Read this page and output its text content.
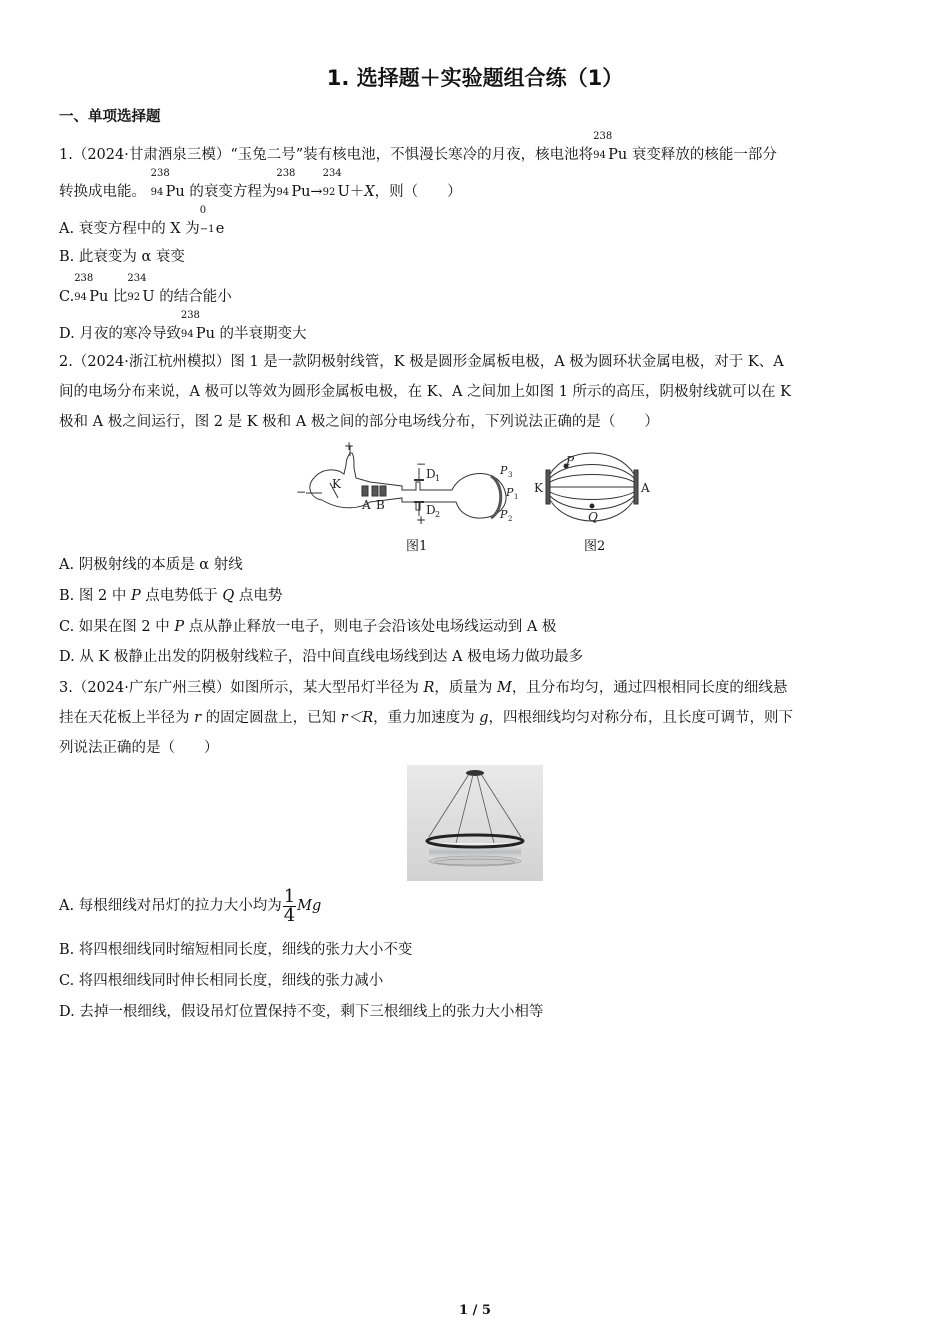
1. 选择题＋实验题组合练（1）
一、单项选择题
1.（2024·甘肃酒泉三模）“玉兔二号”装有核电池，不惧漫长寒冷的月夜，核电池将
238
94 Pu 衰变释放的核能一部分
转换成电能。
238
94 Pu 的衰变方程为
238
94 Pu→
234
92 U＋X，则（　　）
A. 衰变方程中的 X 为
0
−1 e
B. 此衰变为 α 衰变
C.
238
94 Pu 比
234
92 U 的结合能小
D. 月夜的寒冷导致
238
94 Pu 的半衰期变大
2.（2024·浙江杭州模拟）图 1 是一款阴极射线管，K 极是圆形金属板电极，A 极为圆环状金属电极，对于 K、A
间的电场分布来说，A 极可以等效为圆形金属板电极，在 K、A 之间加上如图 1 所示的高压，阴极射线就可以在 K
极和 A 极之间运行，图 2 是 K 极和 A 极之间的部分电场线分布，下列说法正确的是（　　）
+
−
K
A B
−
+
D 1
D 2
P 3
P 1
P 2
K	A
P
Q
图1	图2
A. 阴极射线的本质是 α 射线
B. 图 2 中 P 点电势低于 Q 点电势
C. 如果在图 2 中 P 点从静止释放一电子，则电子会沿该处电场线运动到 A 极
D. 从 K 极静止出发的阴极射线粒子，沿中间直线电场线到达 A 极电场力做功最多
3.（2024·广东广州三模）如图所示，某大型吊灯半径为 R，质量为 M，且分布均匀，通过四根相同长度的细线悬
挂在天花板上半径为 r 的固定圆盘上，已知 r＜R，重力加速度为 g，四根细线均匀对称分布，且长度可调节，则下
列说法正确的是（　　）
A. 每根细线对吊灯的拉力大小均为 $\frac{1}{4}$ Mg
B. 将四根细线同时缩短相同长度，细线的张力大小不变
C. 将四根细线同时伸长相同长度，细线的张力减小
D. 去掉一根细线，假设吊灯位置保持不变，剩下三根细线上的张力大小相等
1 / 5
